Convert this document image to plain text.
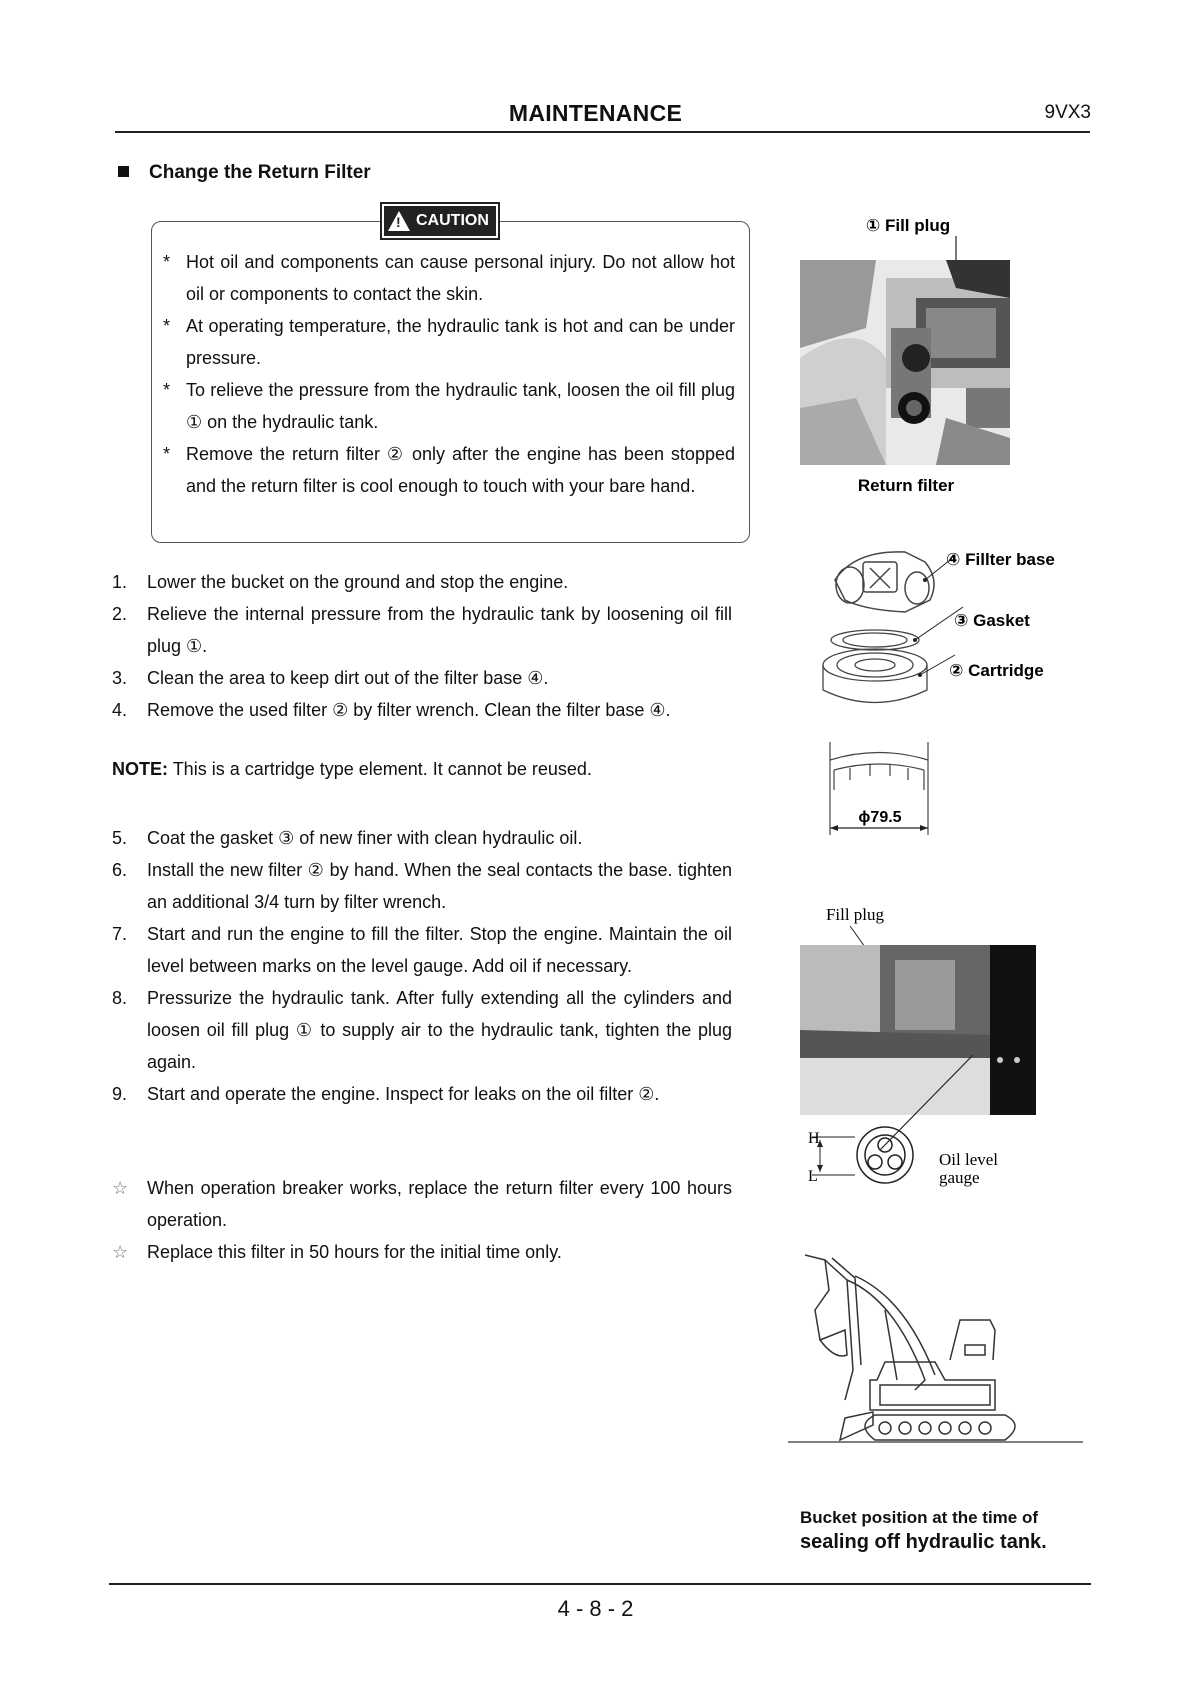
MAINTENANCE	9VX3
Change the Return Filter
! CAUTION
* Hot oil and components can cause personal injury. Do not allow hot oil or components to contact the skin.
* At operating temperature, the hydraulic tank is hot and can be under pressure.
* To relieve the pressure from the hydraulic tank, loosen the oil fill plug ① on the hydraulic tank.
* Remove the return filter ② only after the engine has been stopped and the return filter is cool enough to touch with your bare hand.
1. Lower the bucket on the ground and stop the engine.
2. Relieve the internal pressure from the hydraulic tank by loosening oil fill plug ①.
3. Clean the area to keep dirt out of the filter base ④.
4. Remove the used filter ② by filter wrench. Clean the filter base ④.
NOTE: This is a cartridge type element. It cannot be reused.
5. Coat the gasket ③ of new finer with clean hydraulic oil.
6. Install the new filter ② by hand. When the seal contacts the base. tighten an additional 3/4 turn by filter wrench.
7. Start and run the engine to fill the filter. Stop the engine. Maintain the oil level between marks on the level gauge. Add oil if necessary.
8. Pressurize the hydraulic tank. After fully extending all the cylinders and loosen oil fill plug ① to supply air to the hydraulic tank, tighten the plug again.
9. Start and operate the engine. Inspect for leaks on the oil filter ②.
☆ When operation breaker works, replace the return filter every 100 hours operation.
☆ Replace this filter in 50 hours for the initial time only.
① Fill plug
Return filter
④ Fillter base
③ Gasket
② Cartridge
ϕ79.5
Fill plug
H
L
Oil level
gauge
Bucket position at the time of
sealing off hydraulic tank.
4 - 8 - 2
